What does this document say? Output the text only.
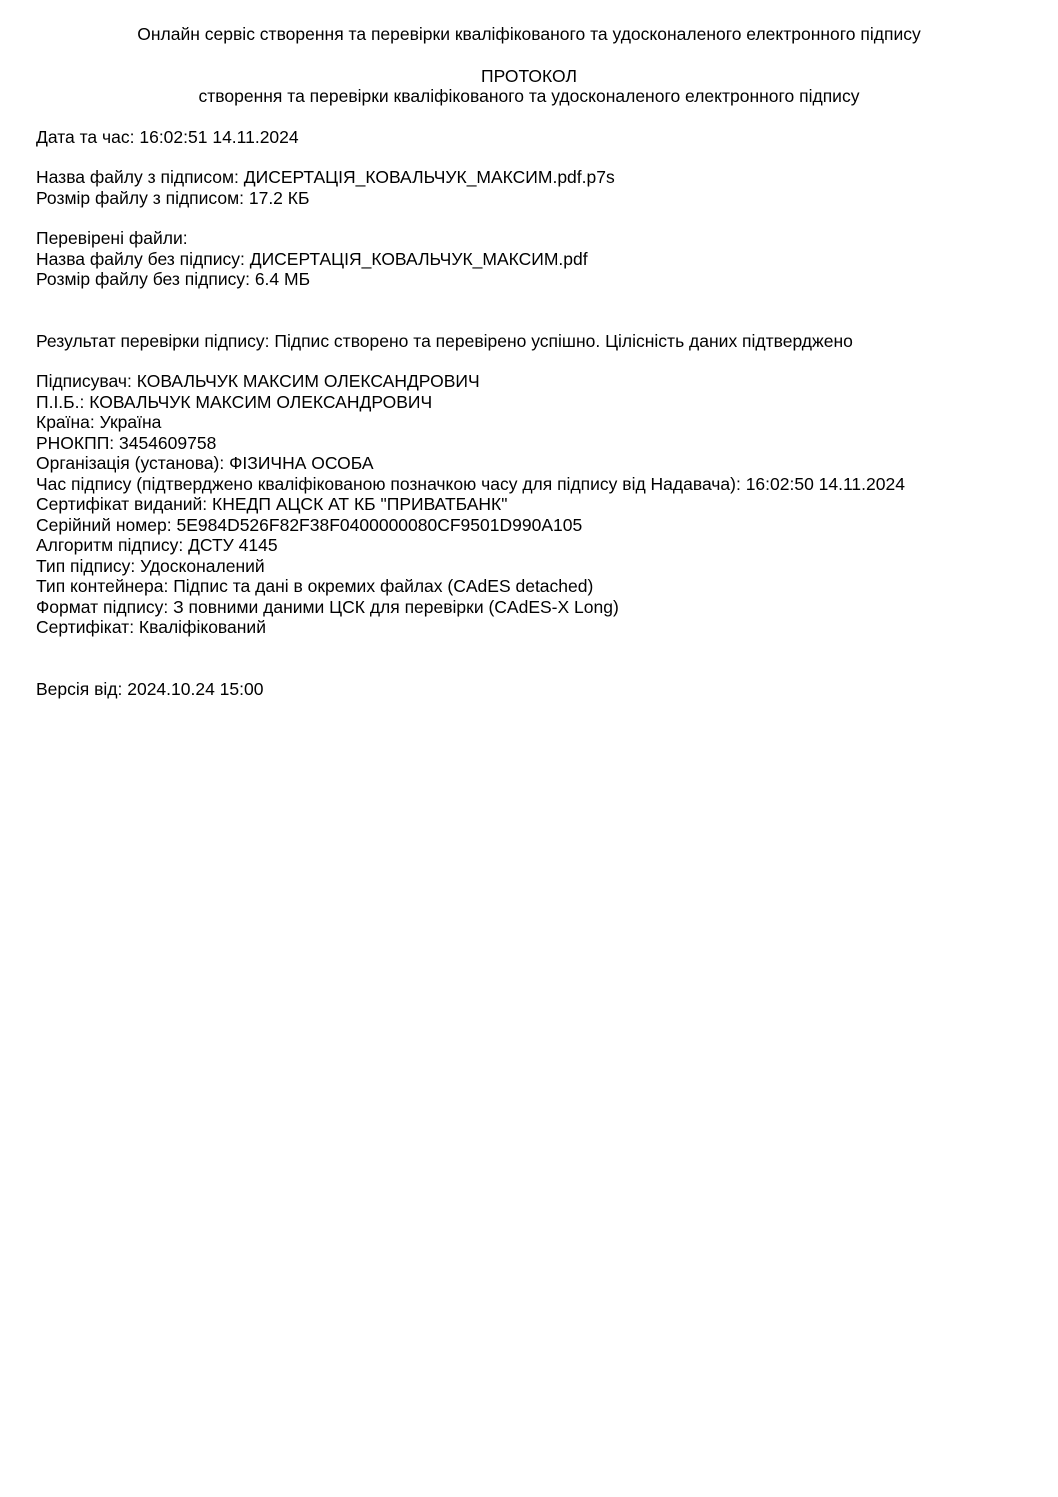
Онлайн сервіс створення та перевірки кваліфікованого та удосконаленого електронного підпису
ПРОТОКОЛ
створення та перевірки кваліфікованого та удосконаленого електронного підпису
Дата та час: 16:02:51 14.11.2024
Назва файлу з підписом: ДИСЕРТАЦІЯ_КОВАЛЬЧУК_МАКСИМ.pdf.p7s
Розмір файлу з підписом: 17.2 КБ
Перевірені файли:
Назва файлу без підпису: ДИСЕРТАЦІЯ_КОВАЛЬЧУК_МАКСИМ.pdf
Розмір файлу без підпису: 6.4 МБ
Результат перевірки підпису: Підпис створено та перевірено успішно. Цілісність даних підтверджено
Підписувач: КОВАЛЬЧУК МАКСИМ ОЛЕКСАНДРОВИЧ
П.І.Б.: КОВАЛЬЧУК МАКСИМ ОЛЕКСАНДРОВИЧ
Країна: Україна
РНОКПП: 3454609758
Організація (установа): ФІЗИЧНА ОСОБА
Час підпису (підтверджено кваліфікованою позначкою часу для підпису від Надавача): 16:02:50 14.11.2024
Сертифікат виданий: КНЕДП АЦСК АТ КБ "ПРИВАТБАНК"
Серійний номер: 5E984D526F82F38F0400000080CF9501D990A105
Алгоритм підпису: ДСТУ 4145
Тип підпису: Удосконалений
Тип контейнера: Підпис та дані в окремих файлах (CAdES detached)
Формат підпису: З повними даними ЦСК для перевірки (CAdES-X Long)
Сертифікат: Кваліфікований
Версія від: 2024.10.24 15:00
